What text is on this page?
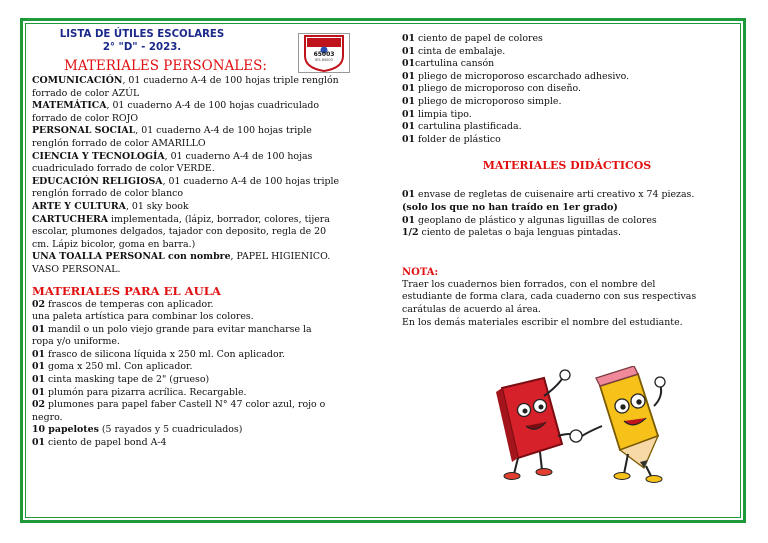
LISTA DE ÚTILES ESCOLARES
2° "D" - 2023.
MATERIALES PERSONALES:
COMUNICACIÓN, 01 cuaderno A-4 de 100 hojas triple renglón
forrado de color AZÚL
MATEMÁTICA, 01 cuaderno A-4 de 100 hojas cuadriculado
forrado de color ROJO
PERSONAL SOCIAL, 01 cuaderno A-4 de 100 hojas triple
renglón forrado de color AMARILLO
CIENCIA Y TECNOLOGÍA, 01 cuaderno A-4 de 100 hojas
cuadriculado forrado de color VERDE.
EDUCACIÓN RELIGIOSA, 01 cuaderno A-4 de 100 hojas triple
renglón forrado de color blanco
ARTE Y CULTURA, 01 sky book
CARTUCHERA implementada, (lápiz, borrador, colores, tijera
escolar, plumones delgados, tajador con deposito, regla de 20
cm. Lápiz bicolor, goma en barra.)
UNA TOALLA PERSONAL con nombre, PAPEL HIGIENICO.
VASO PERSONAL.
MATERIALES PARA EL AULA
02 frascos de temperas con aplicador.
una paleta artística para combinar los colores.
01 mandil o un polo viejo grande para evitar mancharse la
ropa y/o uniforme.
01 frasco de silicona líquida x 250 ml. Con aplicador.
01 goma x 250 ml. Con aplicador.
01 cinta masking tape de 2" (grueso)
01 plumón para pizarra acrílica. Recargable.
02 plumones para papel faber Castell N° 47 color azul, rojo o
negro.
10 papelotes (5 rayados y 5 cuadriculados)
01 ciento de papel bond A-4
65003
IES 65003
01 ciento de papel de colores
01 cinta de embalaje.
01cartulina cansón
01 pliego de microporoso escarchado adhesivo.
01 pliego de microporoso con diseño.
01 pliego de microporoso simple.
01 limpia tipo.
01 cartulina plastificada.
01 folder de plástico
MATERIALES DIDÁCTICOS
01 envase de regletas de cuisenaire arti creativo x 74 piezas.
(solo los que no han traído en 1er grado)
01 geoplano de plástico y algunas liguillas de colores
1/2 ciento de paletas o baja lenguas pintadas.
NOTA:
Traer los cuadernos bien forrados, con el nombre del
estudiante de forma clara, cada cuaderno con sus respectivas
carátulas de acuerdo al área.
En los demás materiales escribir el nombre del estudiante.
